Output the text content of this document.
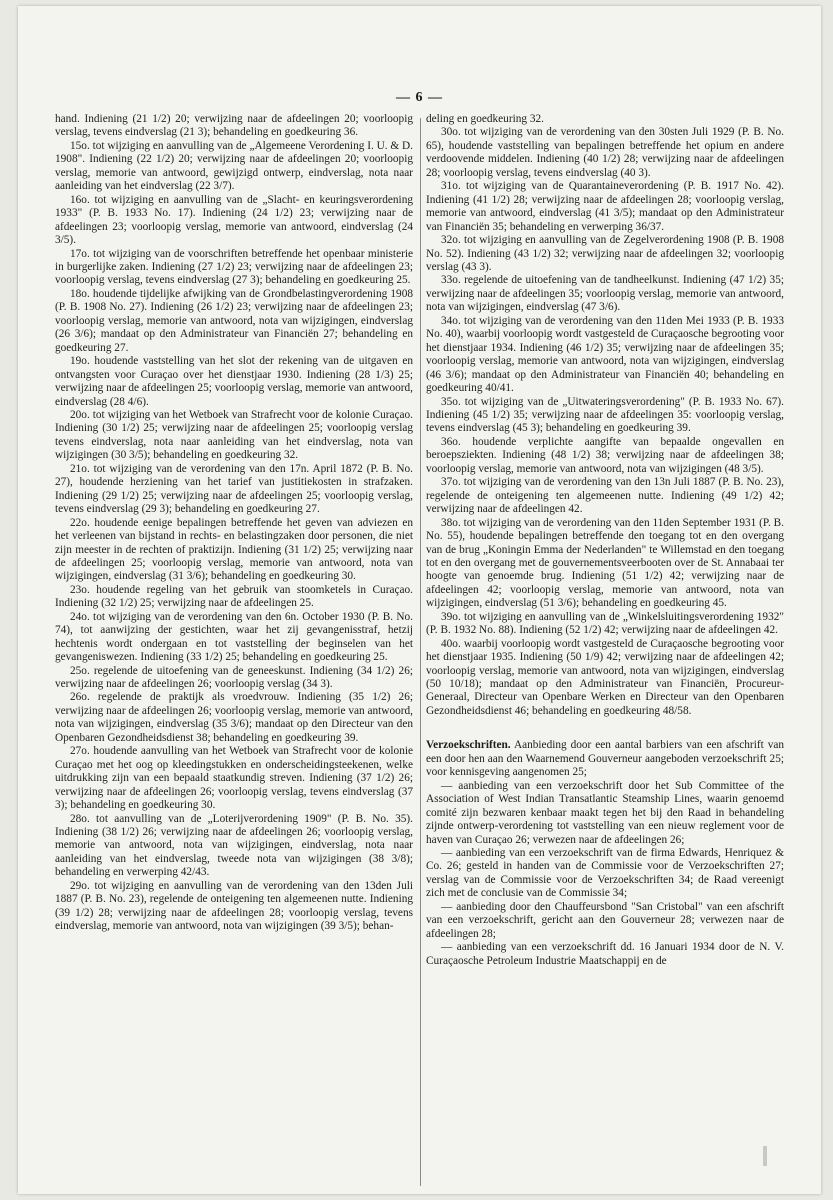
— 6 —

hand. Indiening (21 1/2) 20; verwijzing naar de afdeelingen 20; voorloopig verslag, tevens eindverslag (21 3); behandeling en goedkeuring 36.

15o. tot wijziging en aanvulling van de „Algemeene Verordening I. U. & D. 1908". Indiening (22 1/2) 20; verwijzing naar de afdeelingen 20; voorloopig verslag, memorie van antwoord, gewijzigd ontwerp, eindverslag, nota naar aanleiding van het eindverslag (22 3/7).

16o. tot wijziging en aanvulling van de „Slacht- en keuringsverordening 1933" (P. B. 1933 No. 17). Indiening (24 1/2) 23; verwijzing naar de afdeelingen 23; voorloopig verslag, memorie van antwoord, eindverslag (24 3/5).

17o. tot wijziging van de voorschriften betreffende het openbaar ministerie in burgerlijke zaken. Indiening (27 1/2) 23; verwijzing naar de afdeelingen 23; voorloopig verslag, tevens eindverslag (27 3); behandeling en goedkeuring 25.

18o. houdende tijdelijke afwijking van de Grondbelastingverordening 1908 (P. B. 1908 No. 27). Indiening (26 1/2) 23; verwijzing naar de afdeelingen 23; voorloopig verslag, memorie van antwoord, nota van wijzigingen, eindverslag (26 3/6); mandaat op den Administrateur van Financiën 27; behandeling en goedkeuring 27.

19o. houdende vaststelling van het slot der rekening van de uitgaven en ontvangsten voor Curaçao over het dienstjaar 1930. Indiening (28 1/3) 25; verwijzing naar de afdeelingen 25; voorloopig verslag, memorie van antwoord, eindverslag (28 4/6).

20o. tot wijziging van het Wetboek van Strafrecht voor de kolonie Curaçao. Indiening (30 1/2) 25; verwijzing naar de afdeelingen 25; voorloopig verslag tevens eindverslag, nota naar aanleiding van het eindverslag, nota van wijzigingen (30 3/5); behandeling en goedkeuring 32.

21o. tot wijziging van de verordening van den 17n. April 1872 (P. B. No. 27), houdende herziening van het tarief van justitiekosten in strafzaken. Indiening (29 1/2) 25; verwijzing naar de afdeelingen 25; voorloopig verslag, tevens eindverslag (29 3); behandeling en goedkeuring 27.

22o. houdende eenige bepalingen betreffende het geven van adviezen en het verleenen van bijstand in rechts- en belastingzaken door personen, die niet zijn meester in de rechten of praktizijn. Indiening (31 1/2) 25; verwijzing naar de afdeelingen 25; voorloopig verslag, memorie van antwoord, nota van wijzigingen, eindverslag (31 3/6); behandeling en goedkeuring 30.

23o. houdende regeling van het gebruik van stoomketels in Curaçao. Indiening (32 1/2) 25; verwijzing naar de afdeelingen 25.

24o. tot wijziging van de verordening van den 6n. October 1930 (P. B. No. 74), tot aanwijzing der gestichten, waar het zij gevangenisstraf, hetzij hechtenis wordt ondergaan en tot vaststelling der beginselen van het gevangeniswezen. Indiening (33 1/2) 25; behandeling en goedkeuring 25.

25o. regelende de uitoefening van de geneeskunst. Indiening (34 1/2) 26; verwijzing naar de afdeelingen 26; voorloopig verslag (34 3).

26o. regelende de praktijk als vroedvrouw. Indiening (35 1/2) 26; verwijzing naar de afdeelingen 26; voorloopig verslag, memorie van antwoord, nota van wijzigingen, eindverslag (35 3/6); mandaat op den Directeur van den Openbaren Gezondheidsdienst 38; behandeling en goedkeuring 39.

27o. houdende aanvulling van het Wetboek van Strafrecht voor de kolonie Curaçao met het oog op kleedingstukken en onderscheidingsteekenen, welke uitdrukking zijn van een bepaald staatkundig streven. Indiening (37 1/2) 26; verwijzing naar de afdeelingen 26; voorloopig verslag, tevens eindverslag (37 3); behandeling en goedkeuring 30.

28o. tot aanvulling van de „Loterijverordening 1909" (P. B. No. 35). Indiening (38 1/2) 26; verwijzing naar de afdeelingen 26; voorloopig verslag, memorie van antwoord, nota van wijzigingen, eindverslag, nota naar aanleiding van het eindverslag, tweede nota van wijzigingen (38 3/8); behandeling en verwerping 42/43.

29o. tot wijziging en aanvulling van de verordening van den 13den Juli 1887 (P. B. No. 23), regelende de onteigening ten algemeenen nutte. Indiening (39 1/2) 28; verwijzing naar de afdeelingen 28; voorloopig verslag, tevens eindverslag, memorie van antwoord, nota van wijzigingen (39 3/5); behan-

deling en goedkeuring 32.

30o. tot wijziging van de verordening van den 30sten Juli 1929 (P. B. No. 65), houdende vaststelling van bepalingen betreffende het opium en andere verdoovende middelen. Indiening (40 1/2) 28; verwijzing naar de afdeelingen 28; voorloopig verslag, tevens eindverslag (40 3).

31o. tot wijziging van de Quarantaineverordening (P. B. 1917 No. 42). Indiening (41 1/2) 28; verwijzing naar de afdeelingen 28; voorloopig verslag, memorie van antwoord, eindverslag (41 3/5); mandaat op den Administrateur van Financiën 35; behandeling en verwerping 36/37.

32o. tot wijziging en aanvulling van de Zegelverordening 1908 (P. B. 1908 No. 52). Indiening (43 1/2) 32; verwijzing naar de afdeelingen 32; voorloopig verslag (43 3).

33o. regelende de uitoefening van de tandheelkunst. Indiening (47 1/2) 35; verwijzing naar de afdeelingen 35; voorloopig verslag, memorie van antwoord, nota van wijzigingen, eindverslag (47 3/6).

34o. tot wijziging van de verordening van den 11den Mei 1933 (P. B. 1933 No. 40), waarbij voorloopig wordt vastgesteld de Curaçaosche begrooting voor het dienstjaar 1934. Indiening (46 1/2) 35; verwijzing naar de afdeelingen 35; voorloopig verslag, memorie van antwoord, nota van wijzigingen, eindverslag (46 3/6); mandaat op den Administrateur van Financiën 40; behandeling en goedkeuring 40/41.

35o. tot wijziging van de „Uitwateringsverordening" (P. B. 1933 No. 67). Indiening (45 1/2) 35; verwijzing naar de afdeelingen 35: voorloopig verslag, tevens eindverslag (45 3); behandeling en goedkeuring 39.

36o. houdende verplichte aangifte van bepaalde ongevallen en beroepsziekten. Indiening (48 1/2) 38; verwijzing naar de afdeelingen 38; voorloopig verslag, memorie van antwoord, nota van wijzigingen (48 3/5).

37o. tot wijziging van de verordening van den 13n Juli 1887 (P. B. No. 23), regelende de onteigening ten algemeenen nutte. Indiening (49 1/2) 42; verwijzing naar de afdeelingen 42.

38o. tot wijziging van de verordening van den 11den September 1931 (P. B. No. 55), houdende bepalingen betreffende den toegang tot en den overgang van de brug „Koningin Emma der Nederlanden" te Willemstad en den toegang tot en den overgang met de gouvernementsveerbooten over de St. Annabaai ter hoogte van genoemde brug. Indiening (51 1/2) 42; verwijzing naar de afdeelingen 42; voorloopig verslag, memorie van antwoord, nota van wijzigingen, eindverslag (51 3/6); behandeling en goedkeuring 45.

39o. tot wijziging en aanvulling van de „Winkelsluitingsverordening 1932" (P. B. 1932 No. 88). Indiening (52 1/2) 42; verwijzing naar de afdeelingen 42.

40o. waarbij voorloopig wordt vastgesteld de Curaçaosche begrooting voor het dienstjaar 1935. Indiening (50 1/9) 42; verwijzing naar de afdeelingen 42; voorloopig verslag, memorie van antwoord, nota van wijzigingen, eindverslag (50 10/18); mandaat op den Administrateur van Financiën, Procureur-Generaal, Directeur van Openbare Werken en Directeur van den Openbaren Gezondheidsdienst 46; behandeling en goedkeuring 48/58.

Verzoekschriften. Aanbieding door een aantal barbiers van een afschrift van een door hen aan den Waarnemend Gouverneur aangeboden verzoekschrift 25; voor kennisgeving aangenomen 25;

— aanbieding van een verzoekschrift door het Sub Committee of the Association of West Indian Transatlantic Steamship Lines, waarin genoemd comité zijn bezwaren kenbaar maakt tegen het bij den Raad in behandeling zijnde ontwerp-verordening tot vaststelling van een nieuw reglement voor de haven van Curaçao 26; verwezen naar de afdeelingen 26;

— aanbieding van een verzoekschrift van de firma Edwards, Henriquez & Co. 26; gesteld in handen van de Commissie voor de Verzoekschriften 27; verslag van de Commissie voor de Verzoekschriften 34; de Raad vereenigt zich met de conclusie van de Commissie 34;

— aanbieding door den Chauffeursbond "San Cristobal" van een afschrift van een verzoekschrift, gericht aan den Gouverneur 28; verwezen naar de afdeelingen 28;

— aanbieding van een verzoekschrift dd. 16 Januari 1934 door de N. V. Curaçaosche Petroleum Industrie Maatschappij en de
